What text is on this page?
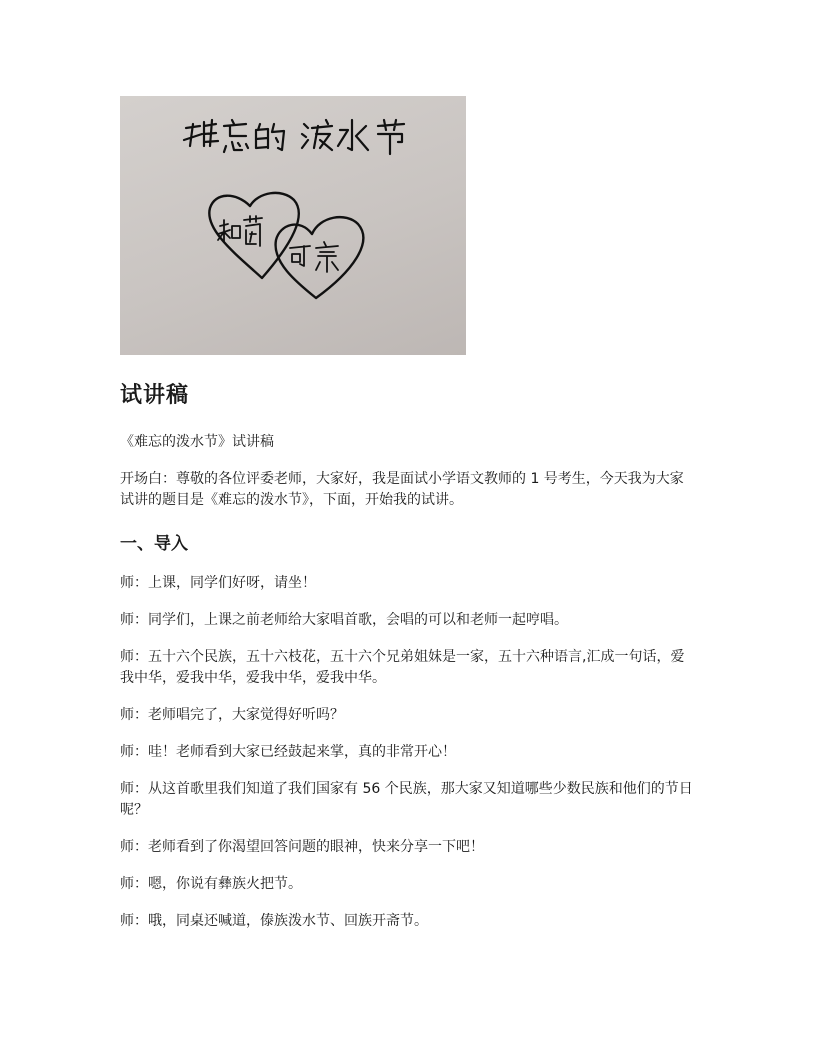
试讲稿

《难忘的泼水节》试讲稿

开场白：尊敬的各位评委老师，大家好，我是面试小学语文教师的 1 号考生，今天我为大家试讲的题目是《难忘的泼水节》，下面，开始我的试讲。

一、导入

师：上课，同学们好呀，请坐！

师：同学们，上课之前老师给大家唱首歌，会唱的可以和老师一起哼唱。

师：五十六个民族，五十六枝花，五十六个兄弟姐妹是一家，五十六种语言,汇成一句话，爱我中华，爱我中华，爱我中华，爱我中华。

师：老师唱完了，大家觉得好听吗？

师：哇！老师看到大家已经鼓起来掌，真的非常开心！

师：从这首歌里我们知道了我们国家有 56 个民族，那大家又知道哪些少数民族和他们的节日呢？

师：老师看到了你渴望回答问题的眼神，快来分享一下吧！

师：嗯，你说有彝族火把节。

师：哦，同桌还喊道，傣族泼水节、回族开斋节。
